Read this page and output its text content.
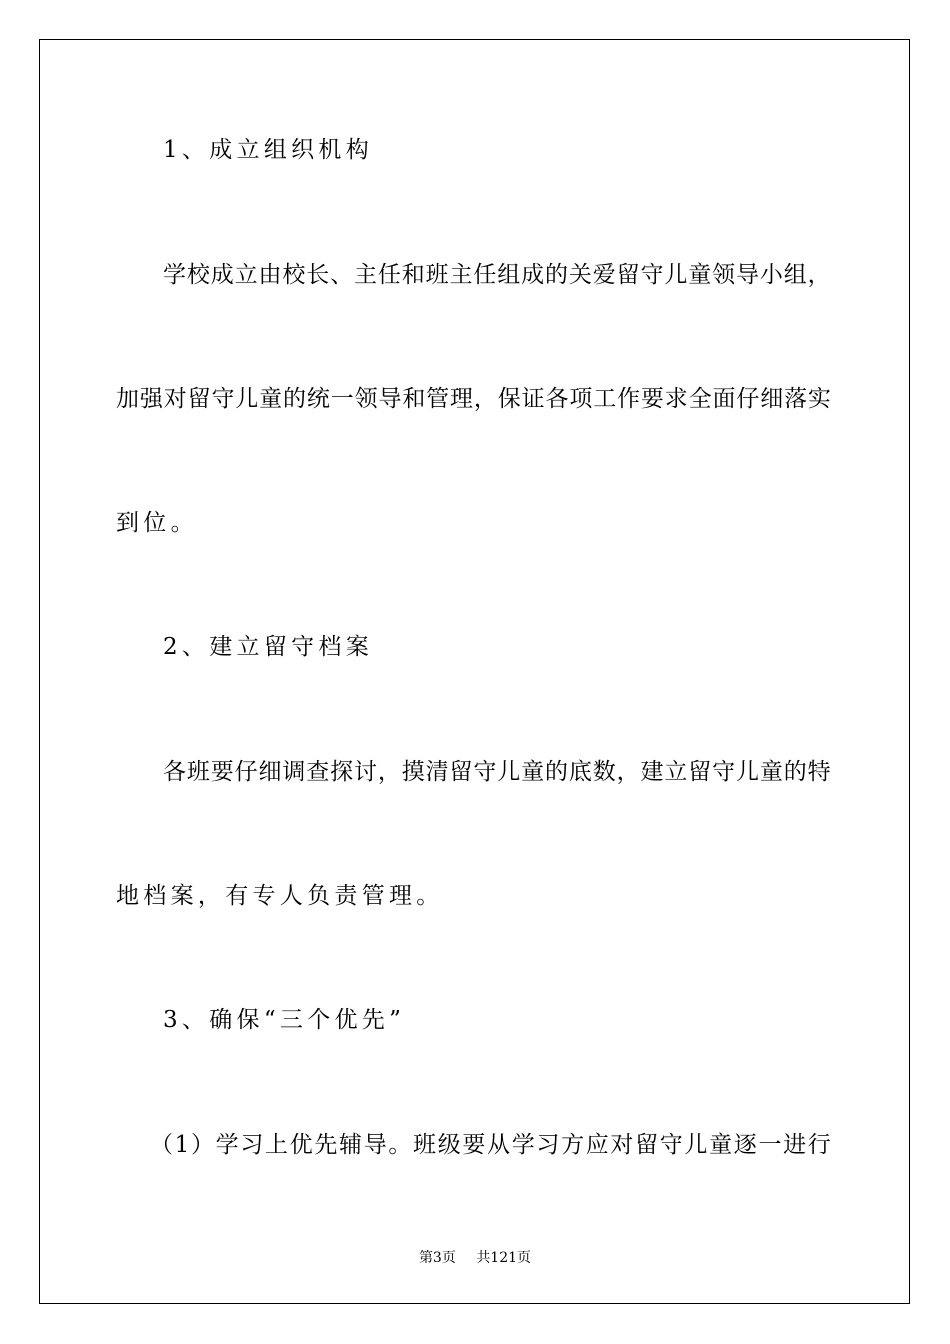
1、成立组织机构
学 校 成 立 由 校 长 、 主 任 和 班 主 任 组 成 的 关 爱 留 守 儿 童 领 导 小 组 ，
加 强 对 留 守 儿 童 的 统 一 领 导 和 管 理 ， 保 证 各 项 工 作 要 求 全 面 仔 细 落 实
到位。
2、建立留守档案
各 班 要 仔 细 调 查 探 讨 ， 摸 清 留 守 儿 童 的 底 数 ， 建 立 留 守 儿 童 的 特
地档案，有专人负责管理。
3、确保“三个优先”
（ 1 ） 学 习 上 优 先 辅 导 。 班 级 要 从 学 习 方 应 对 留 守 儿 童 逐 一 进 行
第3页 共121页
